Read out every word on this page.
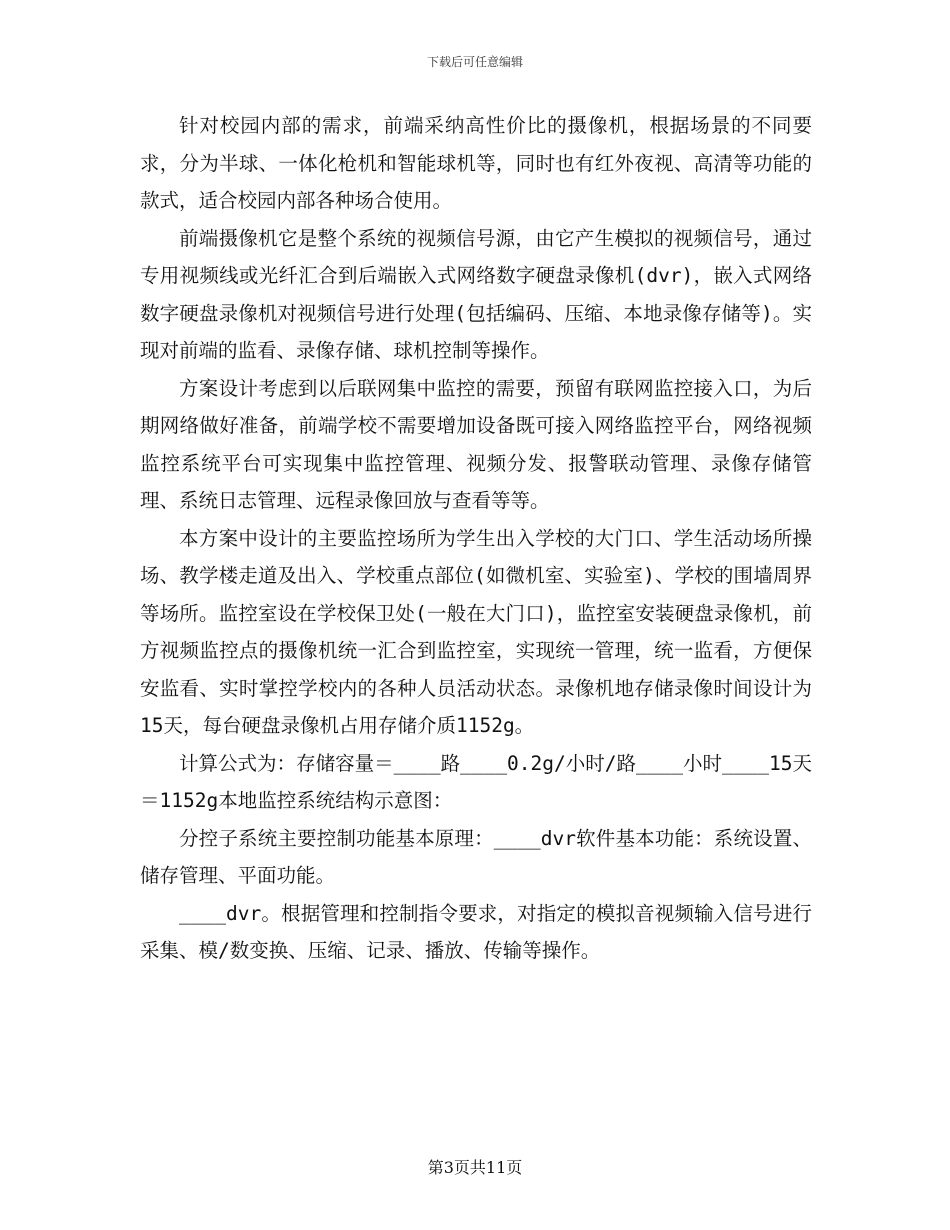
下载后可任意编辑

针对校园内部的需求，前端采纳高性价比的摄像机，根据场景的不同要求，分为半球、一体化枪机和智能球机等，同时也有红外夜视、高清等功能的款式，适合校园内部各种场合使用。

前端摄像机它是整个系统的视频信号源，由它产生模拟的视频信号，通过专用视频线或光纤汇合到后端嵌入式网络数字硬盘录像机(dvr)，嵌入式网络数字硬盘录像机对视频信号进行处理(包括编码、压缩、本地录像存储等)。实现对前端的监看、录像存储、球机控制等操作。

方案设计考虑到以后联网集中监控的需要，预留有联网监控接入口，为后期网络做好准备，前端学校不需要增加设备既可接入网络监控平台，网络视频监控系统平台可实现集中监控管理、视频分发、报警联动管理、录像存储管理、系统日志管理、远程录像回放与查看等等。

本方案中设计的主要监控场所为学生出入学校的大门口、学生活动场所操场、教学楼走道及出入、学校重点部位(如微机室、实验室)、学校的围墙周界等场所。监控室设在学校保卫处(一般在大门口)，监控室安装硬盘录像机，前方视频监控点的摄像机统一汇合到监控室，实现统一管理，统一监看，方便保安监看、实时掌控学校内的各种人员活动状态。录像机地存储录像时间设计为15天，每台硬盘录像机占用存储介质1152g。

计算公式为：存储容量＝____路____0.2g/小时/路____小时____15天＝1152g本地监控系统结构示意图：

分控子系统主要控制功能基本原理：____dvr软件基本功能：系统设置、储存管理、平面功能。

____dvr。根据管理和控制指令要求，对指定的模拟音视频输入信号进行采集、模/数变换、压缩、记录、播放、传输等操作。

第3页共11页
